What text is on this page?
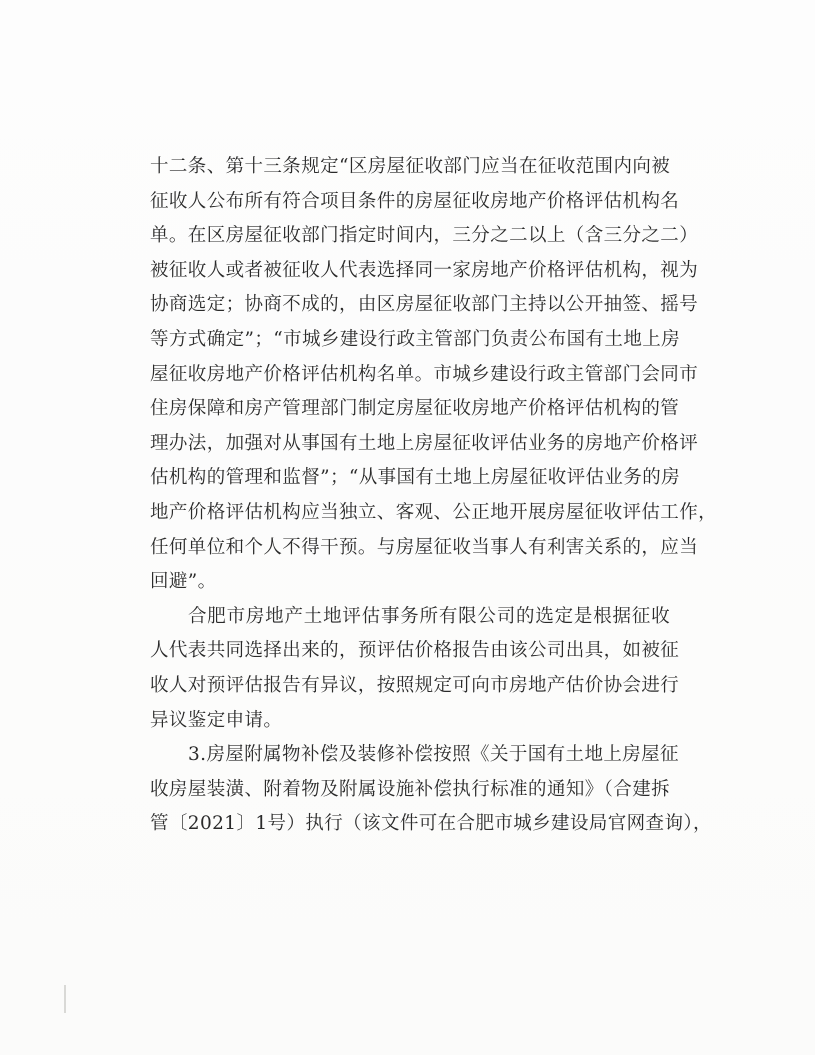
十二条、第十三条规定“区房屋征收部门应当在征收范围内向被
征收人公布所有符合项目条件的房屋征收房地产价格评估机构名
单。在区房屋征收部门指定时间内，三分之二以上（含三分之二）
被征收人或者被征收人代表选择同一家房地产价格评估机构，视为
协商选定；协商不成的，由区房屋征收部门主持以公开抽签、摇号
等方式确定”；“市城乡建设行政主管部门负责公布国有土地上房
屋征收房地产价格评估机构名单。市城乡建设行政主管部门会同市
住房保障和房产管理部门制定房屋征收房地产价格评估机构的管
理办法，加强对从事国有土地上房屋征收评估业务的房地产价格评
估机构的管理和监督”；“从事国有土地上房屋征收评估业务的房
地产价格评估机构应当独立、客观、公正地开展房屋征收评估工作，
任何单位和个人不得干预。与房屋征收当事人有利害关系的，应当
回避”。
合肥市房地产土地评估事务所有限公司的选定是根据征收
人代表共同选择出来的，预评估价格报告由该公司出具，如被征
收人对预评估报告有异议，按照规定可向市房地产估价协会进行
异议鉴定申请。
3.房屋附属物补偿及装修补偿按照《关于国有土地上房屋征
收房屋装潢、附着物及附属设施补偿执行标准的通知》（合建拆
管〔2021〕1号）执行（该文件可在合肥市城乡建设局官网查询），
